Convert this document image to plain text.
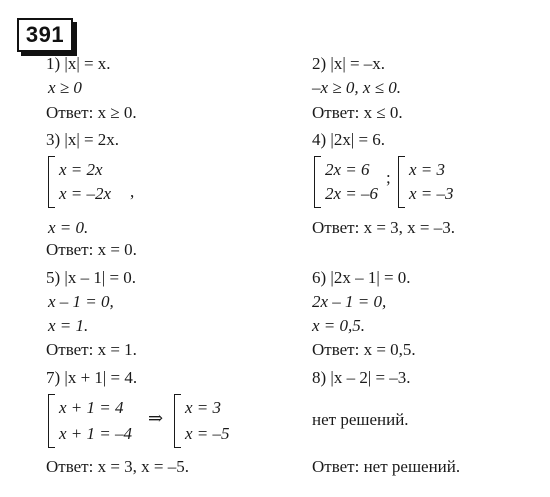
391
1) |x| = x.
x ≥ 0
Ответ: x ≥ 0.
2) |x| = –x.
–x ≥ 0, x ≤ 0.
Ответ: x ≤ 0.
3) |x| = 2x.
x = 2x
x = –2x ,
x = 0.
Ответ: x = 0.
4) |2x| = 6.
2x = 6
2x = –6
; x = 3
x = –3
Ответ: x = 3, x = –3.
5) |x – 1| = 0.
x – 1 = 0,
x = 1.
Ответ: x = 1.
6) |2x – 1| = 0.
2x – 1 = 0,
x = 0,5.
Ответ: x = 0,5.
7) |x + 1| = 4.
x + 1 = 4
x + 1 = –4
⇒
x = 3
x = –5
Ответ: x = 3, x = –5.
8) |x – 2| = –3.
нет решений.
Ответ: нет решений.
